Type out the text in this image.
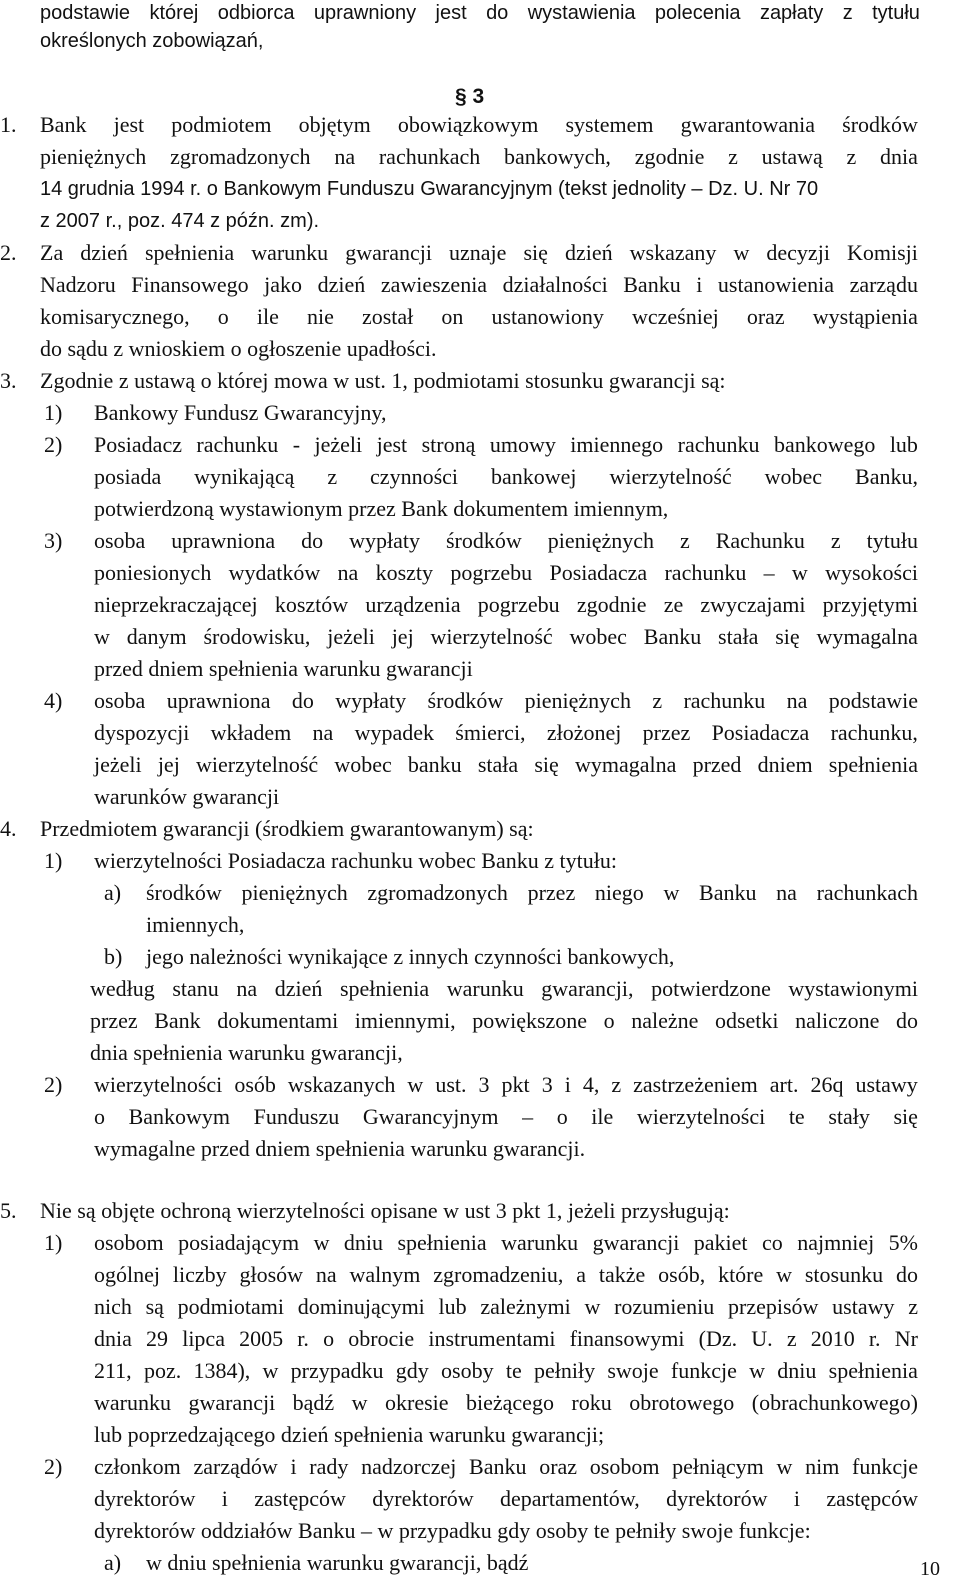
podstawie której odbiorca uprawniony jest do wystawienia polecenia zapłaty z tytułu
określonych zobowiązań,
§ 3
1. Bank jest podmiotem objętym obowiązkowym systemem gwarantowania środków
pieniężnych zgromadzonych na rachunkach bankowych, zgodnie z ustawą z dnia
14 grudnia 1994 r. o Bankowym Funduszu Gwarancyjnym (tekst jednolity – Dz. U. Nr 70
z 2007 r., poz. 474 z późn. zm).
2. Za dzień spełnienia warunku gwarancji uznaje się dzień wskazany w decyzji Komisji
Nadzoru Finansowego jako dzień zawieszenia działalności Banku i ustanowienia zarządu
komisarycznego, o ile nie został on ustanowiony wcześniej oraz wystąpienia
do sądu z wnioskiem o ogłoszenie upadłości.
3. Zgodnie z ustawą o której mowa w ust. 1, podmiotami stosunku gwarancji są:
1) Bankowy Fundusz Gwarancyjny,
2) Posiadacz rachunku - jeżeli jest stroną umowy imiennego rachunku bankowego lub
posiada wynikającą z czynności bankowej wierzytelność wobec Banku,
potwierdzoną wystawionym przez Bank dokumentem imiennym,
3) osoba uprawniona do wypłaty środków pieniężnych z Rachunku z tytułu
poniesionych wydatków na koszty pogrzebu Posiadacza rachunku – w wysokości
nieprzekraczającej kosztów urządzenia pogrzebu zgodnie ze zwyczajami przyjętymi
w danym środowisku, jeżeli jej wierzytelność wobec Banku stała się wymagalna
przed dniem spełnienia warunku gwarancji
4) osoba uprawniona do wypłaty środków pieniężnych z rachunku na podstawie
dyspozycji wkładem na wypadek śmierci, złożonej przez Posiadacza rachunku,
jeżeli jej wierzytelność wobec banku stała się wymagalna przed dniem spełnienia
warunków gwarancji
4. Przedmiotem gwarancji (środkiem gwarantowanym) są:
1) wierzytelności Posiadacza rachunku wobec Banku z tytułu:
a) środków pieniężnych zgromadzonych przez niego w Banku na rachunkach
imiennych,
b) jego należności wynikające z innych czynności bankowych,
według stanu na dzień spełnienia warunku gwarancji, potwierdzone wystawionymi
przez Bank dokumentami imiennymi, powiększone o należne odsetki naliczone do
dnia spełnienia warunku gwarancji,
2) wierzytelności osób wskazanych w ust. 3 pkt 3 i 4, z zastrzeżeniem art. 26q ustawy
o Bankowym Funduszu Gwarancyjnym – o ile wierzytelności te stały się
wymagalne przed dniem spełnienia warunku gwarancji.
5. Nie są objęte ochroną wierzytelności opisane w ust 3 pkt 1, jeżeli przysługują:
1) osobom posiadającym w dniu spełnienia warunku gwarancji pakiet co najmniej 5%
ogólnej liczby głosów na walnym zgromadzeniu, a także osób, które w stosunku do
nich są podmiotami dominującymi lub zależnymi w rozumieniu przepisów ustawy z
dnia 29 lipca 2005 r. o obrocie instrumentami finansowymi (Dz. U. z 2010 r. Nr
211, poz. 1384), w przypadku gdy osoby te pełniły swoje funkcje w dniu spełnienia
warunku gwarancji bądź w okresie bieżącego roku obrotowego (obrachunkowego)
lub poprzedzającego dzień spełnienia warunku gwarancji;
2) członkom zarządów i rady nadzorczej Banku oraz osobom pełniącym w nim funkcje
dyrektorów i zastępców dyrektorów departamentów, dyrektorów i zastępców
dyrektorów oddziałów Banku – w przypadku gdy osoby te pełniły swoje funkcje:
a) w dniu spełnienia warunku gwarancji, bądź	10
